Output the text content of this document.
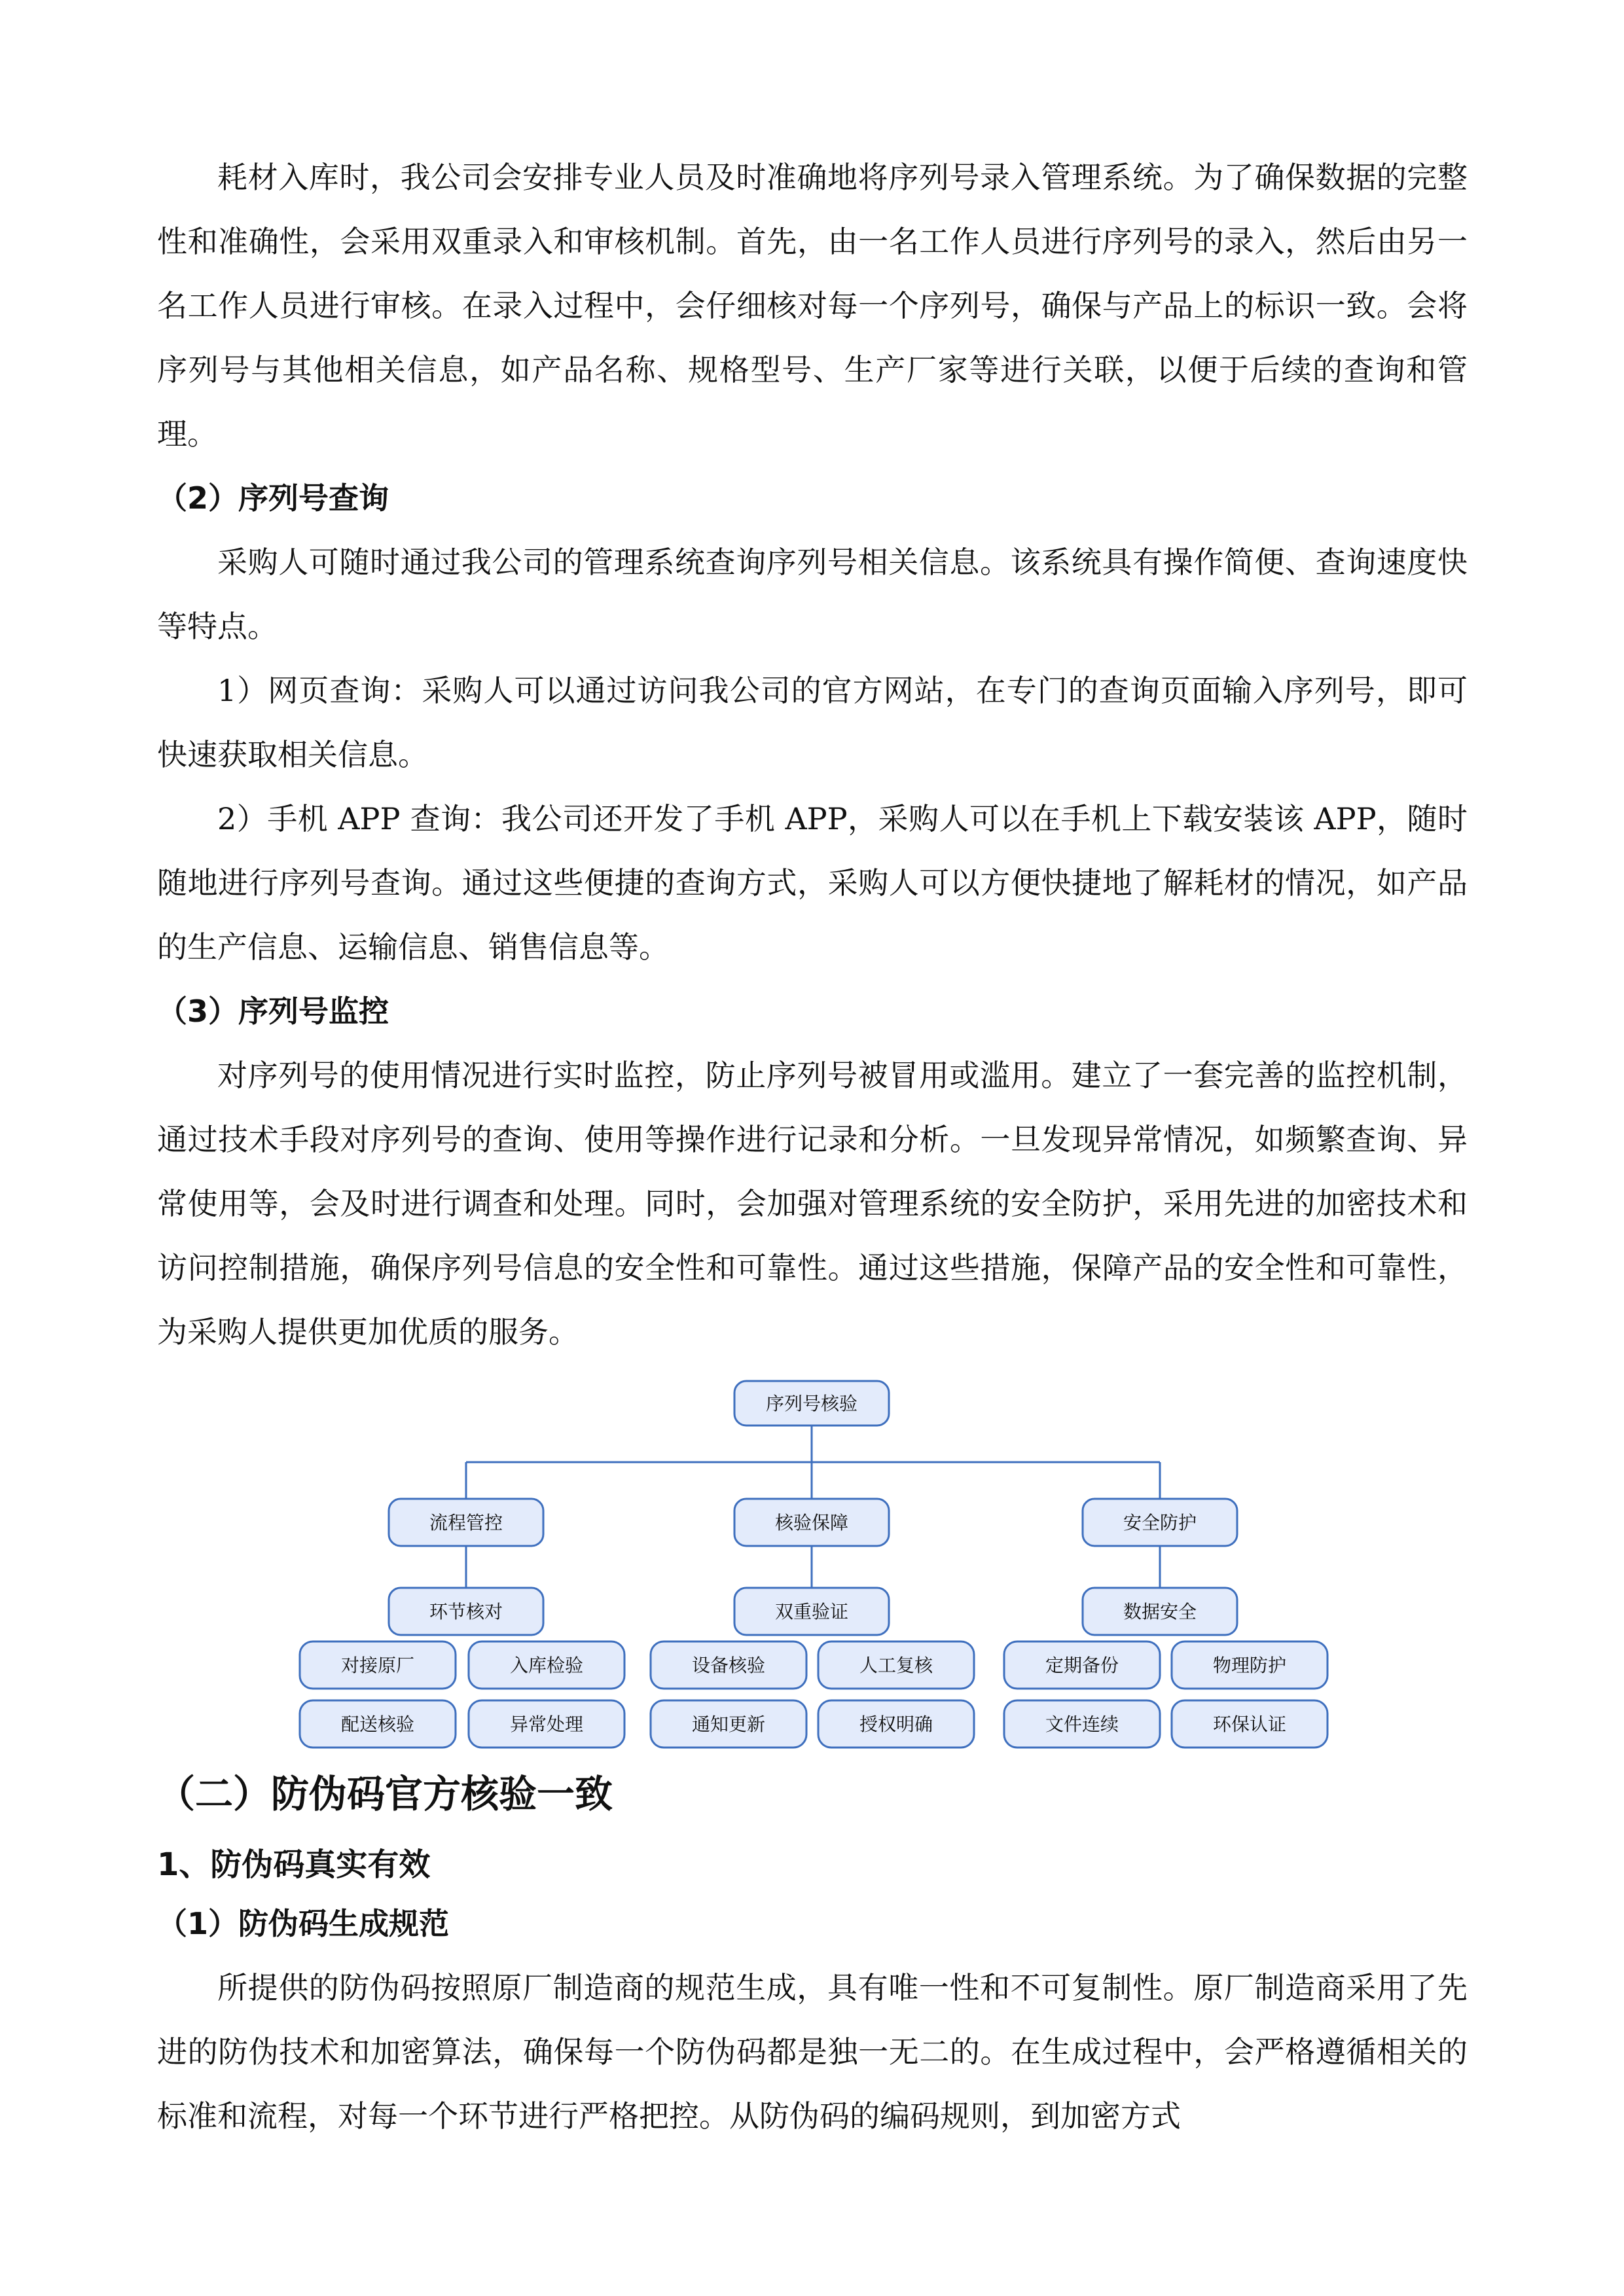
耗材入库时，我公司会安排专业人员及时准确地将序列号录入管理系统。为了确保数据的完整性和准确性，会采用双重录入和审核机制。首先，由一名工作人员进行序列号的录入，然后由另一名工作人员进行审核。在录入过程中，会仔细核对每一个序列号，确保与产品上的标识一致。会将序列号与其他相关信息，如产品名称、规格型号、生产厂家等进行关联，以便于后续的查询和管理。

（2）序列号查询

采购人可随时通过我公司的管理系统查询序列号相关信息。该系统具有操作简便、查询速度快等特点。

1）网页查询：采购人可以通过访问我公司的官方网站，在专门的查询页面输入序列号，即可快速获取相关信息。

2）手机 APP 查询：我公司还开发了手机 APP，采购人可以在手机上下载安装该 APP，随时随地进行序列号查询。通过这些便捷的查询方式，采购人可以方便快捷地了解耗材的情况，如产品的生产信息、运输信息、销售信息等。

（3）序列号监控

对序列号的使用情况进行实时监控，防止序列号被冒用或滥用。建立了一套完善的监控机制，通过技术手段对序列号的查询、使用等操作进行记录和分析。一旦发现异常情况，如频繁查询、异常使用等，会及时进行调查和处理。同时，会加强对管理系统的安全防护，采用先进的加密技术和访问控制措施，确保序列号信息的安全性和可靠性。通过这些措施，保障产品的安全性和可靠性，为采购人提供更加优质的服务。

序列号核验
流程管控	核验保障	安全防护
环节核对	双重验证	数据安全
对接原厂	入库检验
配送核验	异常处理
设备核验	人工复核
通知更新	授权明确
定期备份	物理防护
文件连续	环保认证

（二）防伪码官方核验一致

1、防伪码真实有效

（1）防伪码生成规范

所提供的防伪码按照原厂制造商的规范生成，具有唯一性和不可复制性。原厂制造商采用了先进的防伪技术和加密算法，确保每一个防伪码都是独一无二的。在生成过程中，会严格遵循相关的标准和流程，对每一个环节进行严格把控。从防伪码的编码规则，到加密方式
